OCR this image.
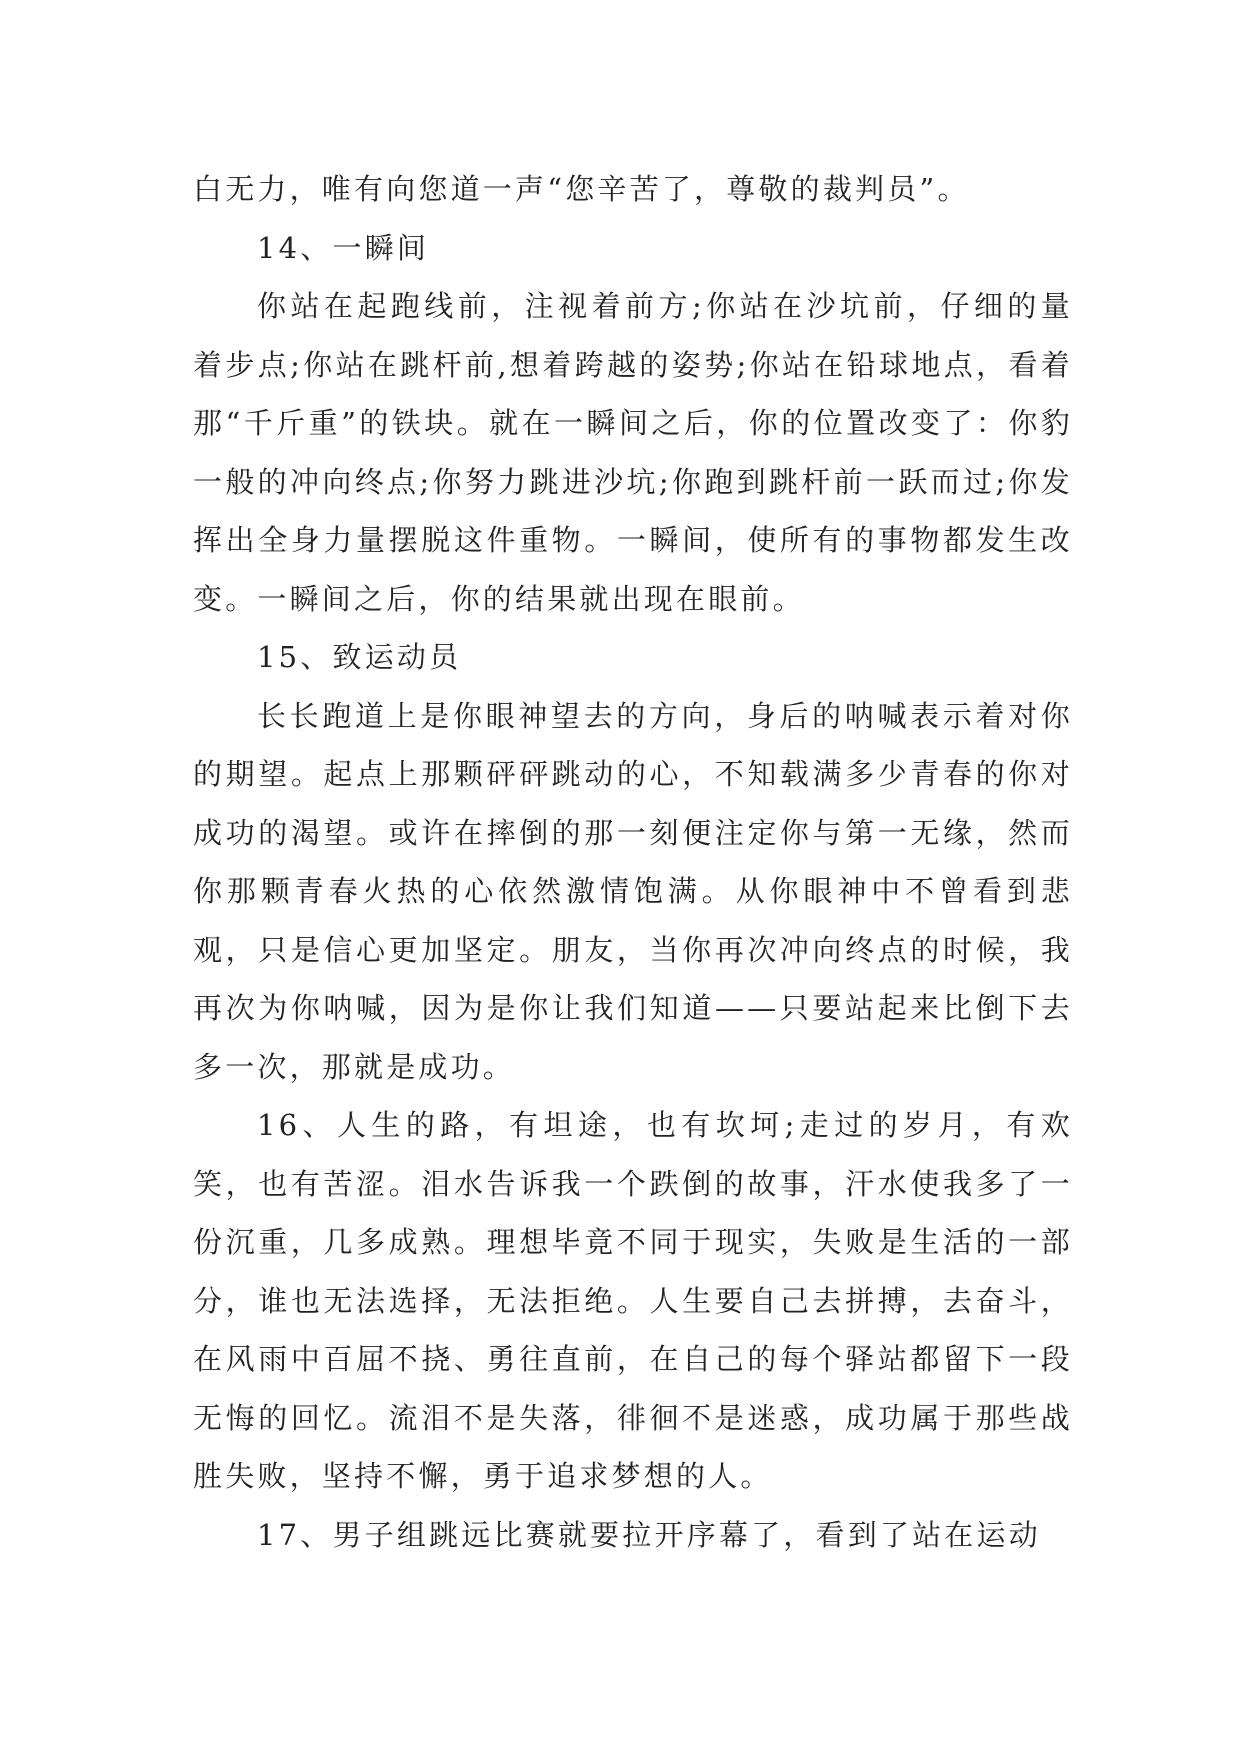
白无力，唯有向您道一声“您辛苦了，尊敬的裁判员”。

14、一瞬间

你站在起跑线前，注视着前方;你站在沙坑前，仔细的量着步点;你站在跳杆前,想着跨越的姿势;你站在铅球地点，看着那“千斤重”的铁块。就在一瞬间之后，你的位置改变了：你豹一般的冲向终点;你努力跳进沙坑;你跑到跳杆前一跃而过;你发挥出全身力量摆脱这件重物。一瞬间，使所有的事物都发生改变。一瞬间之后，你的结果就出现在眼前。

15、致运动员

长长跑道上是你眼神望去的方向，身后的呐喊表示着对你的期望。起点上那颗砰砰跳动的心，不知载满多少青春的你对成功的渴望。或许在摔倒的那一刻便注定你与第一无缘，然而你那颗青春火热的心依然激情饱满。从你眼神中不曾看到悲观，只是信心更加坚定。朋友，当你再次冲向终点的时候，我再次为你呐喊，因为是你让我们知道——只要站起来比倒下去多一次，那就是成功。

16、人生的路，有坦途，也有坎坷;走过的岁月，有欢笑，也有苦涩。泪水告诉我一个跌倒的故事，汗水使我多了一份沉重，几多成熟。理想毕竟不同于现实，失败是生活的一部分，谁也无法选择，无法拒绝。人生要自己去拼搏，去奋斗，在风雨中百屈不挠、勇往直前，在自己的每个驿站都留下一段无悔的回忆。流泪不是失落，徘徊不是迷惑，成功属于那些战胜失败，坚持不懈，勇于追求梦想的人。

17、男子组跳远比赛就要拉开序幕了，看到了站在运动
